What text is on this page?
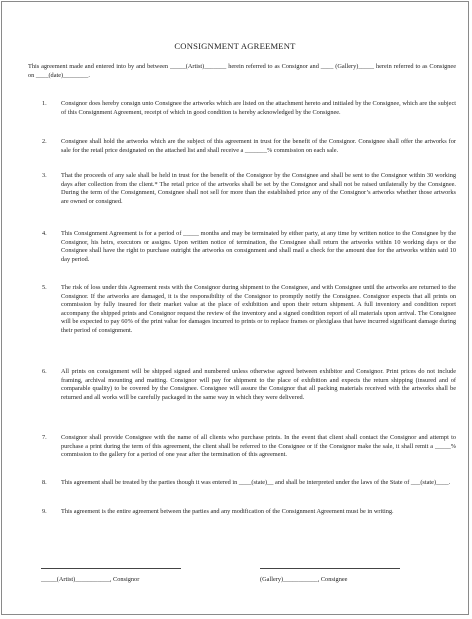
CONSIGNMENT AGREEMENT
This agreement made and entered into by and between _____(Artist)_______ herein referred to as Consignor and ____ (Gallery)_____ herein referred to as Consignee on ____(date)________.
1. Consignor does hereby consign unto Consignee the artworks which are listed on the attachment hereto and initialed by the Consignee, which are the subject of this Consignment Agreement, receipt of which in good condition is hereby acknowledged by the Consignee.
2. Consignee shall hold the artworks which are the subject of this agreement in trust for the benefit of the Consignor. Consignee shall offer the artworks for sale for the retail price designated on the attached list and shall receive a _______% commission on each sale.
3. That the proceeds of any sale shall be held in trust for the benefit of the Consignor by the Consignee and shall be sent to the Consignor within 30 working days after collection from the client.* The retail price of the artworks shall be set by the Consignor and shall not be raised unilaterally by the Consignee. During the term of the Consignment, Consignee shall not sell for more than the established price any of the Consignor’s artworks whether those artworks are owned or consigned.
4. This Consignment Agreement is for a period of _____ months and may be terminated by either party, at any time by written notice to the Consignee by the Consignor, his heirs, executors or assigns. Upon written notice of termination, the Consignee shall return the artworks within 10 working days or the Consignee shall have the right to purchase outright the artworks on consignment and shall mail a check for the amount due for the artworks within said 10 day period.
5. The risk of loss under this Agreement rests with the Consignor during shipment to the Consignee, and with Consignee until the artworks are returned to the Consignor. If the artworks are damaged, it is the responsibility of the Consignor to promptly notify the Consignee. Consignor expects that all prints on commission by fully insured for their market value at the place of exhibition and upon their return shipment. A full inventory and condition report accompany the shipped prints and Consignor request the review of the inventory and a signed condition report of all materials upon arrival. The Consignee will be expected to pay 60% of the print value for damages incurred to prints or to replace frames or plexiglass that have incurred significant damage during their period of consignment.
6. All prints on consignment will be shipped signed and numbered unless otherwise agreed between exhibitor and Consignor. Print prices do not include framing, archival mounting and matting. Consignor will pay for shipment to the place of exhibition and expects the return shipping (insured and of comparable quality) to be covered by the Consignee. Consignee will assure the Consignor that all packing materials received with the artworks shall be returned and all works will be carefully packaged in the same way in which they were delivered.
7. Consignor shall provide Consignee with the name of all clients who purchase prints. In the event that client shall contact the Consignor and attempt to purchase a print during the term of this agreement, the client shall be referred to the Consignee or if the Consignor make the sale, it shall remit a _____% commission to the gallery for a period of one year after the termination of this agreement.
8. This agreement shall be treated by the parties though it was entered in ____(state)__ and shall be interpreted under the laws of the State of ___(state)____.
9. This agreement is the entire agreement between the parties and any modification of the Consignment Agreement must be in writing.
_____(Artist)___________, Consignor	(Gallery)___________, Consignee
